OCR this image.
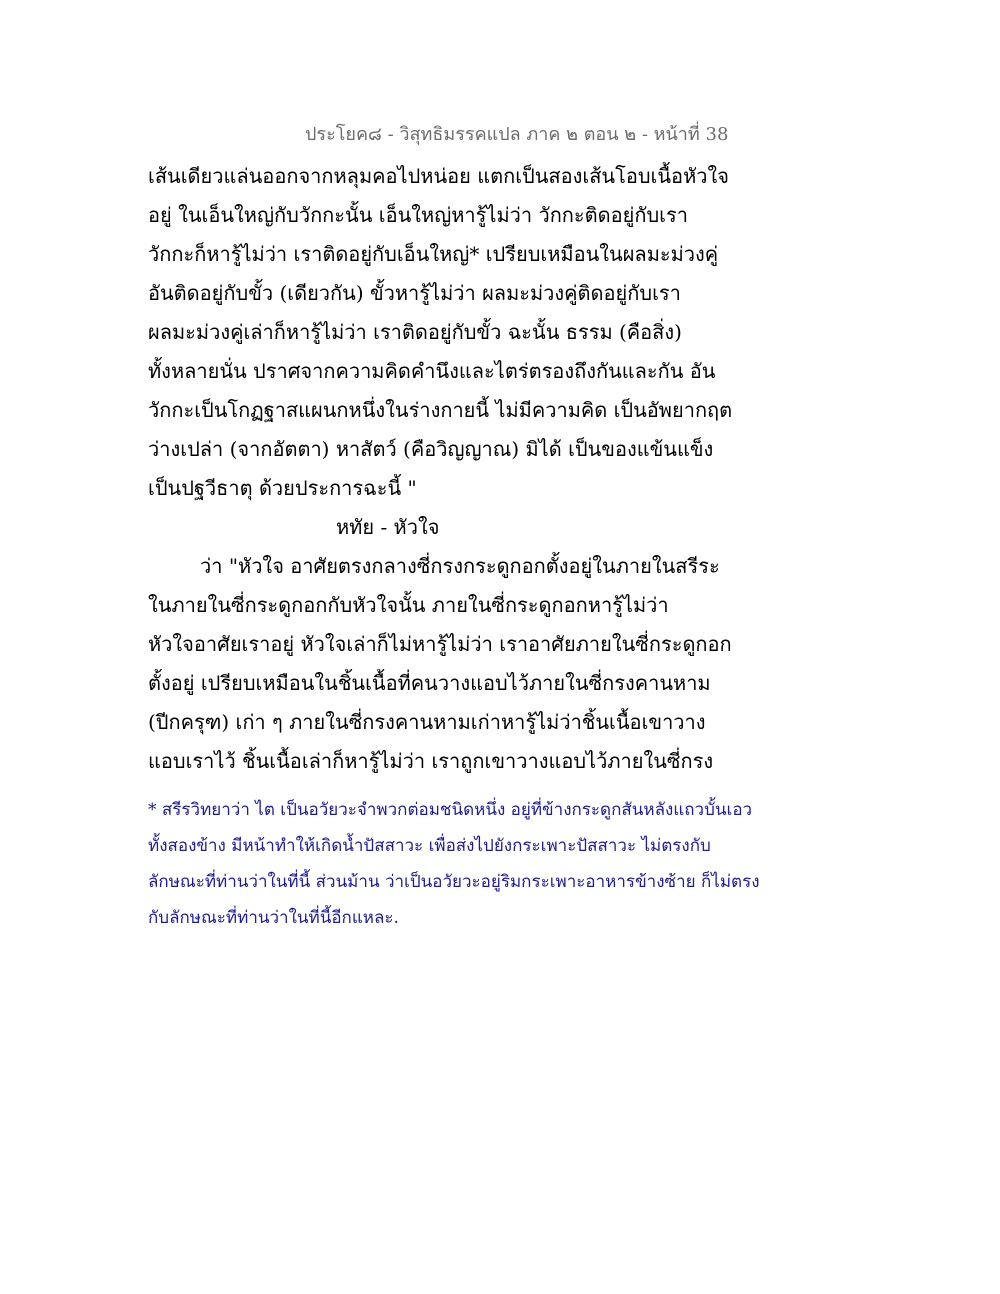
ประโยค๘ - วิสุทธิมรรคแปล ภาค ๒ ตอน ๒ - หน้าที่ 38
เส้นเดียวแล่นออกจากหลุมคอไปหน่อย แตกเป็นสองเส้นโอบเนื้อหัวใจ
อยู่ ในเอ็นใหญ่กับวักกะนั้น เอ็นใหญ่หารู้ไม่ว่า วักกะติดอยู่กับเรา
วักกะก็หารู้ไม่ว่า เราติดอยู่กับเอ็นใหญ่* เปรียบเหมือนในผลมะม่วงคู่
อันติดอยู่กับขั้ว (เดียวกัน) ขั้วหารู้ไม่ว่า ผลมะม่วงคู่ติดอยู่กับเรา
ผลมะม่วงคู่เล่าก็หารู้ไม่ว่า เราติดอยู่กับขั้ว ฉะนั้น ธรรม (คือสิ่ง)
ทั้งหลายนั่น ปราศจากความคิดคำนึงและไตร่ตรองถึงกันและกัน อัน
วักกะเป็นโกฏฐาสแผนกหนึ่งในร่างกายนี้ ไม่มีความคิด เป็นอัพยากฤต
ว่างเปล่า (จากอัตตา) หาสัตว์ (คือวิญญาณ) มิได้ เป็นของแข้นแข็ง
เป็นปฐวีธาตุ ด้วยประการฉะนี้ "
หทัย - หัวใจ
ว่า "หัวใจ อาศัยตรงกลางซี่กรงกระดูกอกตั้งอยู่ในภายในสรีระ
ในภายในซี่กระดูกอกกับหัวใจนั้น ภายในซี่กระดูกอกหารู้ไม่ว่า
หัวใจอาศัยเราอยู่ หัวใจเล่าก็ไม่หารู้ไม่ว่า เราอาศัยภายในซี่กระดูกอก
ตั้งอยู่ เปรียบเหมือนในชิ้นเนื้อที่คนวางแอบไว้ภายในซี่กรงคานหาม
(ปีกครุฑ) เก่า ๆ ภายในซี่กรงคานหามเก่าหารู้ไม่ว่าชิ้นเนื้อเขาวาง
แอบเราไว้ ชิ้นเนื้อเล่าก็หารู้ไม่ว่า เราถูกเขาวางแอบไว้ภายในซี่กรง
* สรีรวิทยาว่า ไต เป็นอวัยวะจำพวกต่อมชนิดหนึ่ง อยู่ที่ข้างกระดูกสันหลังแถวบั้นเอว
ทั้งสองข้าง มีหน้าทำให้เกิดน้ำปัสสาวะ เพื่อส่งไปยังกระเพาะปัสสาวะ ไม่ตรงกับ
ลักษณะที่ท่านว่าในที่นี้ ส่วนม้าน ว่าเป็นอวัยวะอยู่ริมกระเพาะอาหารข้างซ้าย ก็ไม่ตรง
กับลักษณะที่ท่านว่าในที่นี้อีกแหละ.
